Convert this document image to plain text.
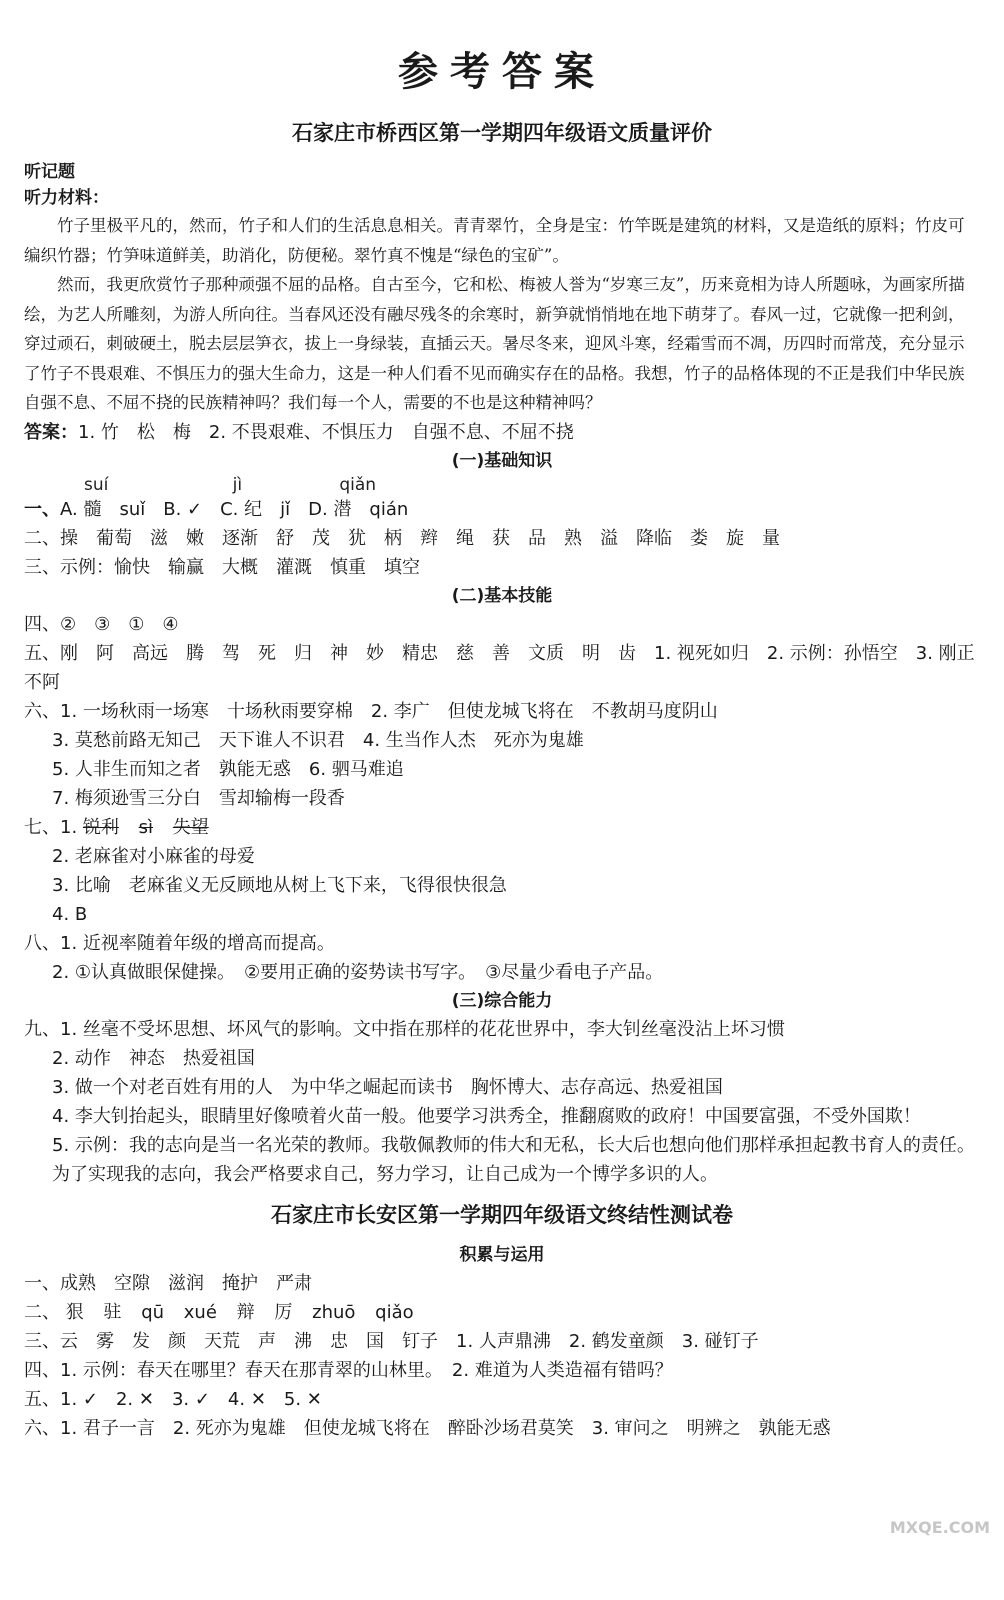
参考答案
石家庄市桥西区第一学期四年级语文质量评价
听记题
听力材料：

竹子里极平凡的，然而，竹子和人们的生活息息相关。青青翠竹，全身是宝：竹竿既是建筑的材料，又是造纸的原料；竹皮可编织竹器；竹笋味道鲜美，助消化，防便秘。翠竹真不愧是“绿色的宝矿”。

然而，我更欣赏竹子那种顽强不屈的品格。自古至今，它和松、梅被人誉为“岁寒三友”，历来竟相为诗人所题咏，为画家所描绘，为艺人所雕刻，为游人所向往。当春风还没有融尽残冬的余寒时，新笋就悄悄地在地下萌芽了。春风一过，它就像一把利剑，穿过顽石，刺破硬土，脱去层层笋衣，拔上一身绿装，直插云天。暑尽冬来，迎风斗寒，经霜雪而不凋，历四时而常茂，充分显示了竹子不畏艰难、不惧压力的强大生命力，这是一种人们看不见而确实存在的品格。我想，竹子的品格体现的不正是我们中华民族自强不息、不屈不挠的民族精神吗？我们每一个人，需要的不也是这种精神吗？

答案：1. 竹　松　梅　2. 不畏艰难、不惧压力　自强不息、不屈不挠
(一)基础知识
suí                       jì                  qiǎn
一、A. 髓　suǐ　B. ✓　C. 纪　jǐ　D. 潜　qián
二、操　葡萄　滋　嫩　逐渐　舒　茂　犹　柄　辫　绳　获　品　熟　溢　降临　娄　旋　量
三、示例：愉快　输赢　大概　灌溉　慎重　填空
(二)基本技能
四、②　③　①　④
五、刚　阿　高远　腾　驾　死　归　神　妙　精忠　慈　善　文质　明　齿　1. 视死如归　2. 示例：孙悟空　3. 刚正不阿
六、1. 一场秋雨一场寒　十场秋雨要穿棉　2. 李广　但使龙城飞将在　不教胡马度阴山
3. 莫愁前路无知己　天下谁人不识君　4. 生当作人杰　死亦为鬼雄
5. 人非生而知之者　孰能无惑　6. 驷马难追
7. 梅须逊雪三分白　雪却输梅一段香
七、1. 锐利 sì 失望
2. 老麻雀对小麻雀的母爱
3. 比喻　老麻雀义无反顾地从树上飞下来，飞得很快很急
4. B
八、1. 近视率随着年级的增高而提高。
2. ①认真做眼保健操。　②要用正确的姿势读书写字。　③尽量少看电子产品。
(三)综合能力
九、1. 丝毫不受坏思想、坏风气的影响。文中指在那样的花花世界中，李大钊丝毫没沾上坏习惯
2. 动作　神态　热爱祖国
3. 做一个对老百姓有用的人　为中华之崛起而读书　胸怀博大、志存高远、热爱祖国
4. 李大钊抬起头，眼睛里好像喷着火苗一般。他要学习洪秀全，推翻腐败的政府！中国要富强，不受外国欺！
5. 示例：我的志向是当一名光荣的教师。我敬佩教师的伟大和无私，长大后也想向他们那样承担起教书育人的责任。为了实现我的志向，我会严格要求自己，努力学习，让自己成为一个博学多识的人。
石家庄市长安区第一学期四年级语文终结性测试卷
积累与运用
一、成熟　空隙　滋润　掩护　严肃
二、 狠 驻 qū xué 辩 厉 zhuō qiǎo
三、云　雾　发　颜　天荒　声　沸　忠　国　钉子　1. 人声鼎沸　2. 鹤发童颜　3. 碰钉子
四、1. 示例：春天在哪里？春天在那青翠的山林里。　2. 难道为人类造福有错吗？
五、1. ✓　2. ✕　3. ✓　4. ✕　5. ✕
六、1. 君子一言　2. 死亦为鬼雄　但使龙城飞将在　醉卧沙场君莫笑　3. 审问之　明辨之　孰能无惑
MXQE.COM
